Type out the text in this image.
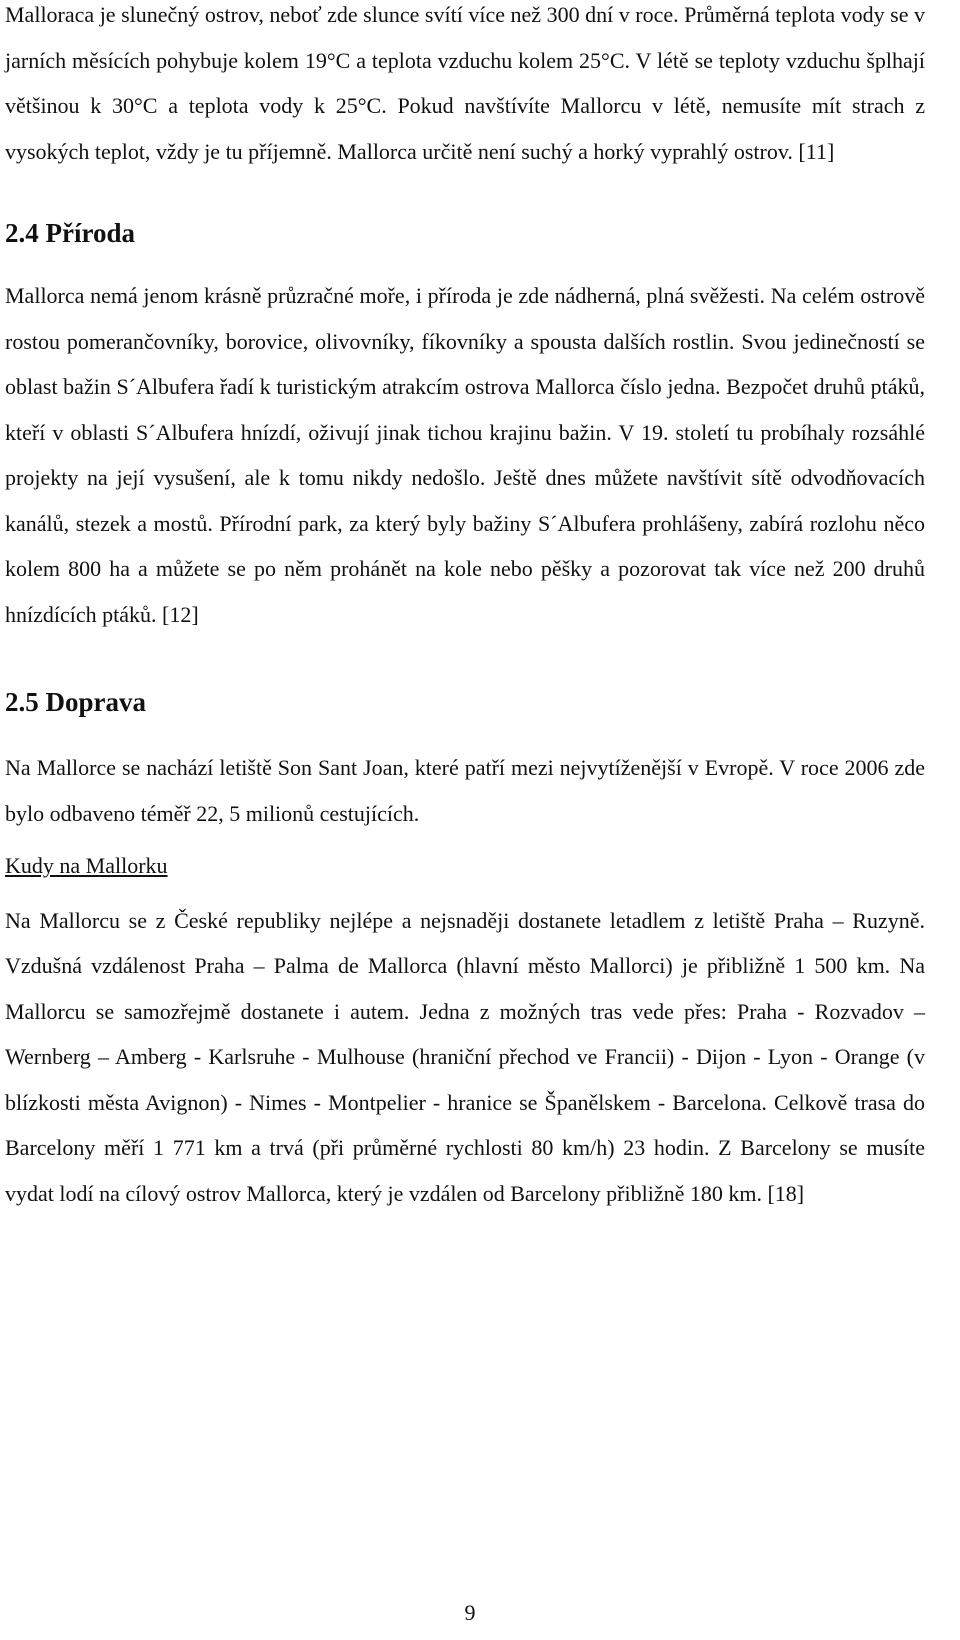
Malloraca je slunečný ostrov, neboť zde slunce svítí více než 300 dní v roce. Průměrná teplota vody se v jarních měsících pohybuje kolem 19°C a teplota vzduchu kolem 25°C. V létě se teploty vzduchu šplhají většinou k 30°C a teplota vody k 25°C. Pokud navštívíte Mallorcu v létě, nemusíte mít strach z vysokých teplot, vždy je tu příjemně. Mallorca určitě není suchý a horký vyprahlý ostrov. [11]

2.4 Příroda

Mallorca nemá jenom krásně průzračné moře, i příroda je zde nádherná, plná svěžesti. Na celém ostrově rostou pomerančovníky, borovice, olivovníky, fíkovníky a spousta dalších rostlin. Svou jedinečností se oblast bažin S´Albufera řadí k turistickým atrakcím ostrova Mallorca číslo jedna. Bezpočet druhů ptáků, kteří v oblasti S´Albufera hnízdí, oživují jinak tichou krajinu bažin. V 19. století tu probíhaly rozsáhlé projekty na její vysušení, ale k tomu nikdy nedošlo. Ještě dnes můžete navštívit sítě odvodňovacích kanálů, stezek a mostů. Přírodní park, za který byly bažiny S´Albufera prohlášeny, zabírá rozlohu něco kolem 800 ha a můžete se po něm prohánět na kole nebo pěšky a pozorovat tak více než 200 druhů hnízdících ptáků. [12]

2.5 Doprava

Na Mallorce se nachází letiště Son Sant Joan, které patří mezi nejvytíženější v Evropě. V roce 2006 zde bylo odbaveno téměř 22, 5 milionů cestujících.

Kudy na Mallorku

Na Mallorcu se z České republiky nejlépe a nejsnaději dostanete letadlem z letiště Praha – Ruzyně. Vzdušná vzdálenost Praha – Palma de Mallorca (hlavní město Mallorci) je přibližně 1 500 km. Na Mallorcu se samozřejmě dostanete i autem. Jedna z možných tras vede přes: Praha - Rozvadov – Wernberg – Amberg - Karlsruhe - Mulhouse (hraniční přechod ve Francii) - Dijon - Lyon - Orange (v blízkosti města Avignon) - Nimes - Montpelier - hranice se Španělskem - Barcelona. Celkově trasa do Barcelony měří 1 771 km a trvá (při průměrné rychlosti 80 km/h) 23 hodin. Z Barcelony se musíte vydat lodí na cílový ostrov Mallorca, který je vzdálen od Barcelony přibližně 180 km. [18]

9
